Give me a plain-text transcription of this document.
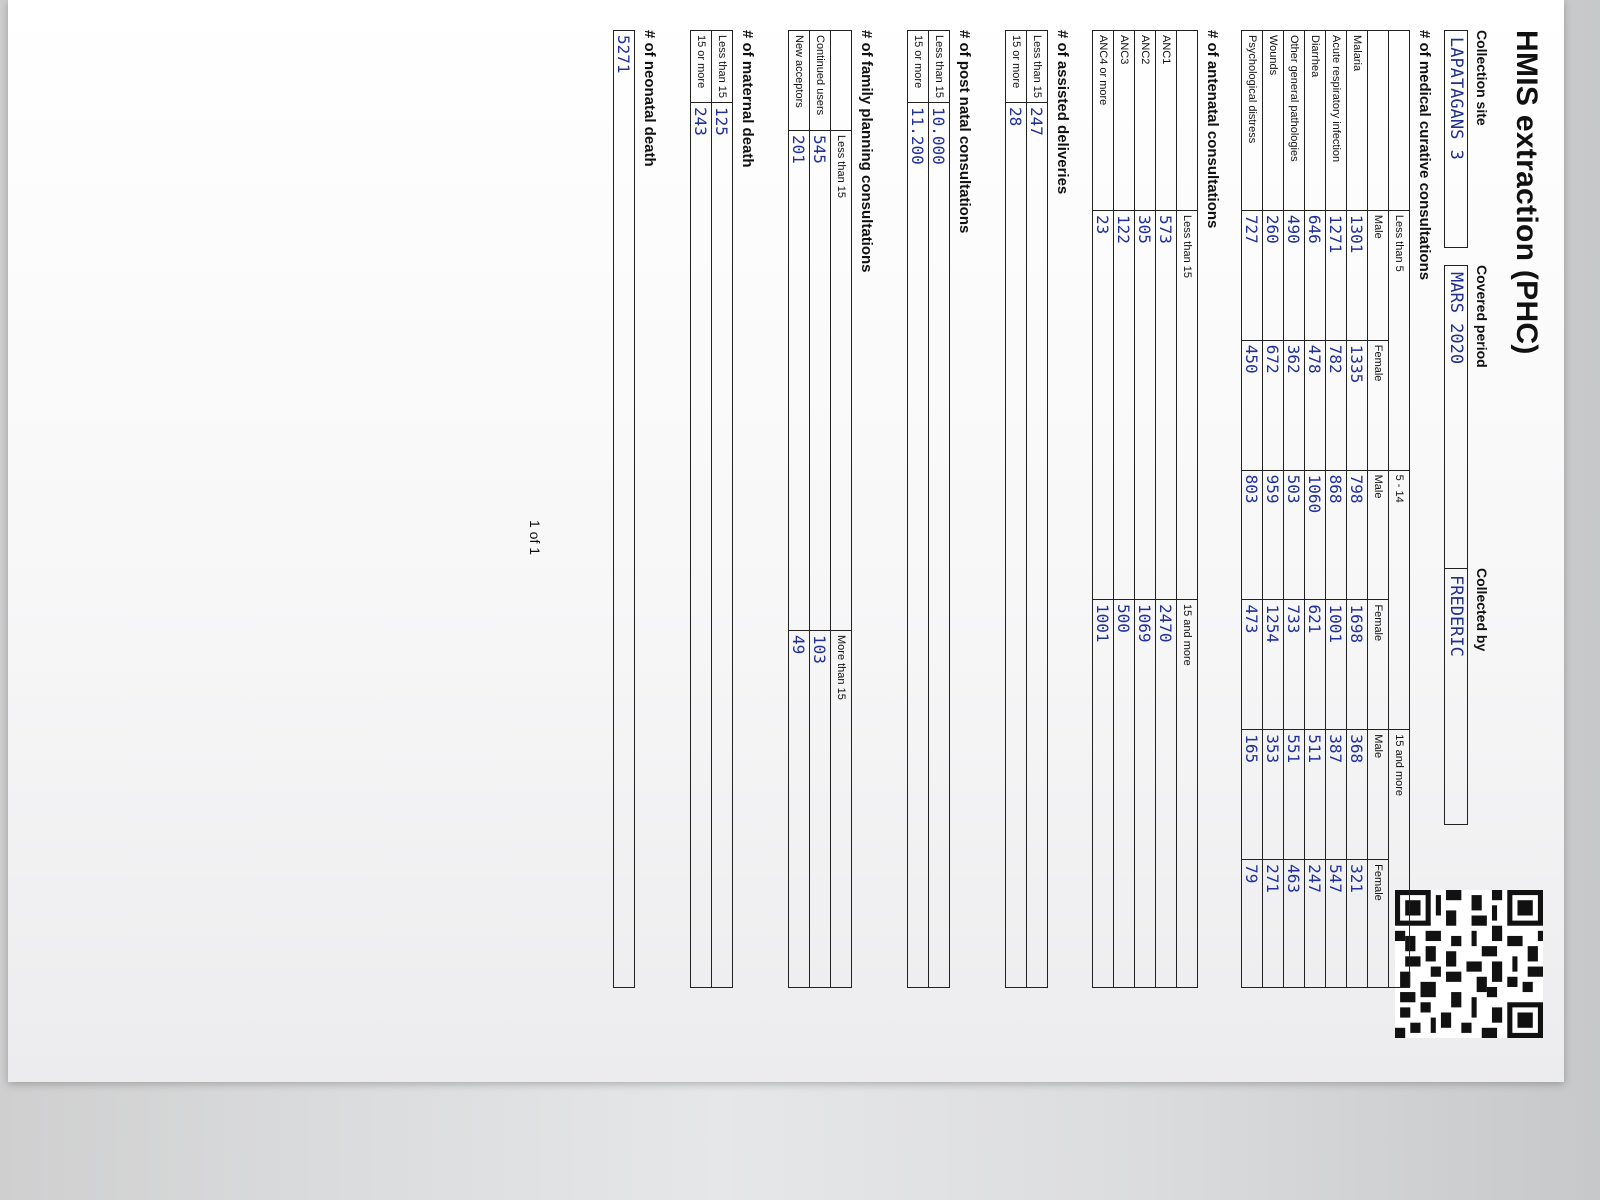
HMIS extraction (PHC)
Collection site
LAPATAGANS 3
Covered period
MARS 2020
Collected by
FREDERIC
# of medical curative consultations
	Less than 5		5 - 14		15 and more	
	Male	Female	Male	Female	Male	Female
Malaria	1301	1335	798	1698	368	321
Acute respiratory infection	1271	782	868	1001	387	547
Diarrhea	646	478	1060	621	511	247
Other general pathologies	490	362	503	733	551	463
Wounds	260	672	959	1254	353	271
Psychological distress	727	450	803	473	165	79
# of antenatal consultations
	Less than 15	15 and more
ANC1	573	2470
ANC2	305	1069
ANC3	122	500
ANC4 or more	23	1001
# of assisted deliveries
Less than 15	247
15 or more	28
# of post natal consultations
Less than 15	10.000
15 or more	11.200
# of family planning consultations
	Less than 15	More than 15
Continued users	545	103
New acceptors	201	49
# of maternal death
Less than 15	125
15 or more	243
# of neonatal death
5271
1 of 1
